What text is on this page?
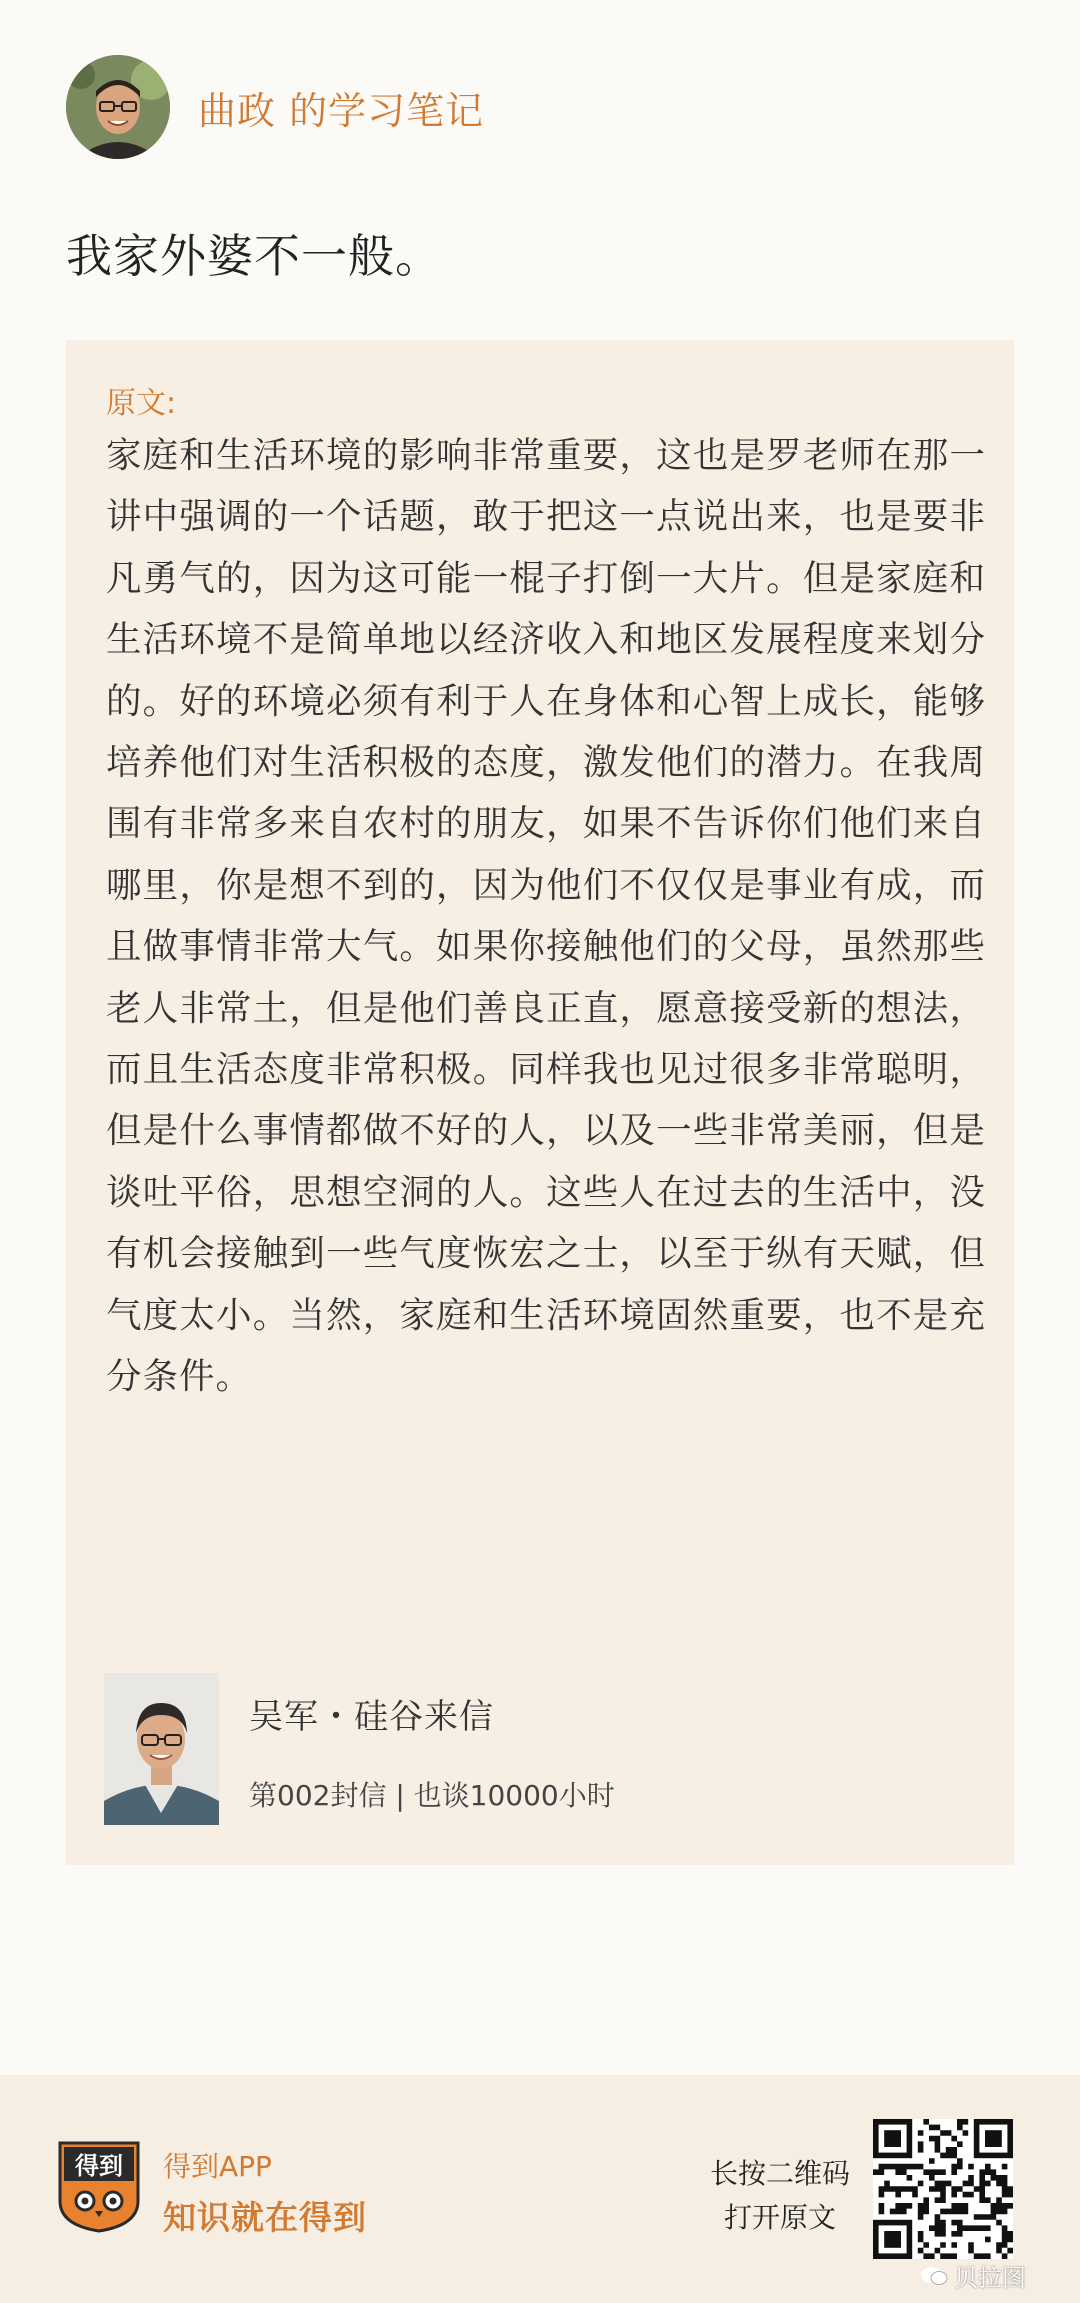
曲政 的学习笔记
我家外婆不一般。
原文:
家庭和生活环境的影响非常重要，这也是罗老师在那一讲中强调的一个话题，敢于把这一点说出来，也是要非凡勇气的，因为这可能一棍子打倒一大片。但是家庭和生活环境不是简单地以经济收入和地区发展程度来划分的。好的环境必须有利于人在身体和心智上成长，能够培养他们对生活积极的态度，激发他们的潜力。在我周围有非常多来自农村的朋友，如果不告诉你们他们来自哪里，你是想不到的，因为他们不仅仅是事业有成，而且做事情非常大气。如果你接触他们的父母，虽然那些老人非常土，但是他们善良正直，愿意接受新的想法，而且生活态度非常积极。同样我也见过很多非常聪明，但是什么事情都做不好的人，以及一些非常美丽，但是谈吐平俗，思想空洞的人。这些人在过去的生活中，没有机会接触到一些气度恢宏之士，以至于纵有天赋，但气度太小。当然，家庭和生活环境固然重要，也不是充分条件。
吴军・硅谷来信
第002封信 | 也谈10000小时
得到 得到APP
知识就在得到
长按二维码
打开原文
贝拉图
